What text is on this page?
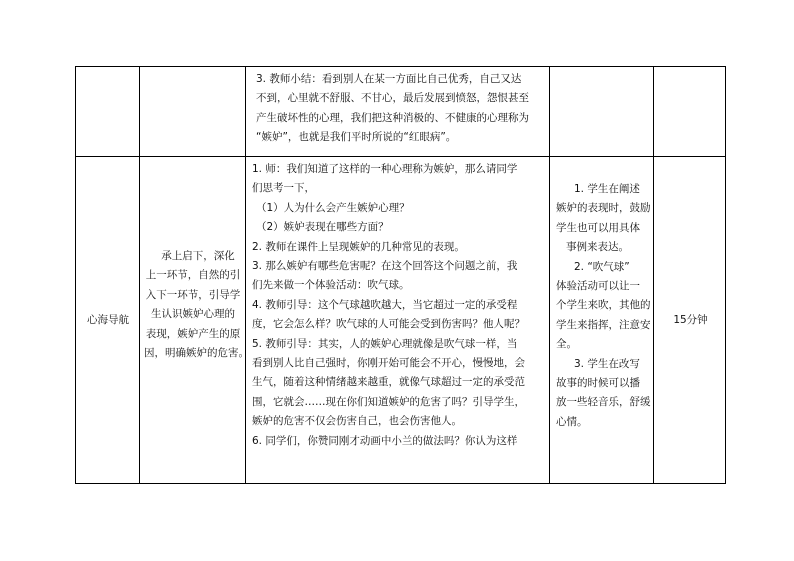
3. 教师小结：看到别人在某一方面比自己优秀，自己又达

不到，心里就不舒服、不甘心，最后发展到愤怒，怨恨甚至

产生破坏性的心理，我们把这种消极的、不健康的心理称为

“嫉妒”，也就是我们平时所说的“红眼病”。

心海导航

承上启下，深化

上一环节，自然的引

入下一环节，引导学

生认识嫉妒心理的

表现，嫉妒产生的原

因，明确嫉妒的危害。

1. 师：我们知道了这样的一种心理称为嫉妒，那么请同学

们思考一下，

（1）人为什么会产生嫉妒心理？

（2）嫉妒表现在哪些方面？

2. 教师在课件上呈现嫉妒的几种常见的表现。

3. 那么嫉妒有哪些危害呢？在这个回答这个问题之前，我

们先来做一个体验活动：吹气球。

4. 教师引导：这个气球越吹越大，当它超过一定的承受程

度，它会怎么样？吹气球的人可能会受到伤害吗？他人呢？

5. 教师引导：其实，人的嫉妒心理就像是吹气球一样，当

看到别人比自己强时，你刚开始可能会不开心，慢慢地，会

生气，随着这种情绪越来越重，就像气球超过一定的承受范

围，它就会……现在你们知道嫉妒的危害了吗？引导学生，

嫉妒的危害不仅会伤害自己，也会伤害他人。

6. 同学们，你赞同刚才动画中小兰的做法吗？你认为这样

1. 学生在阐述

嫉妒的表现时，鼓励

学生也可以用具体

事例来表达。

2. “吹气球”

体验活动可以让一

个学生来吹，其他的

学生来指挥，注意安

全。

3. 学生在改写

故事的时候可以播

放一些轻音乐，舒缓

心情。

15分钟
